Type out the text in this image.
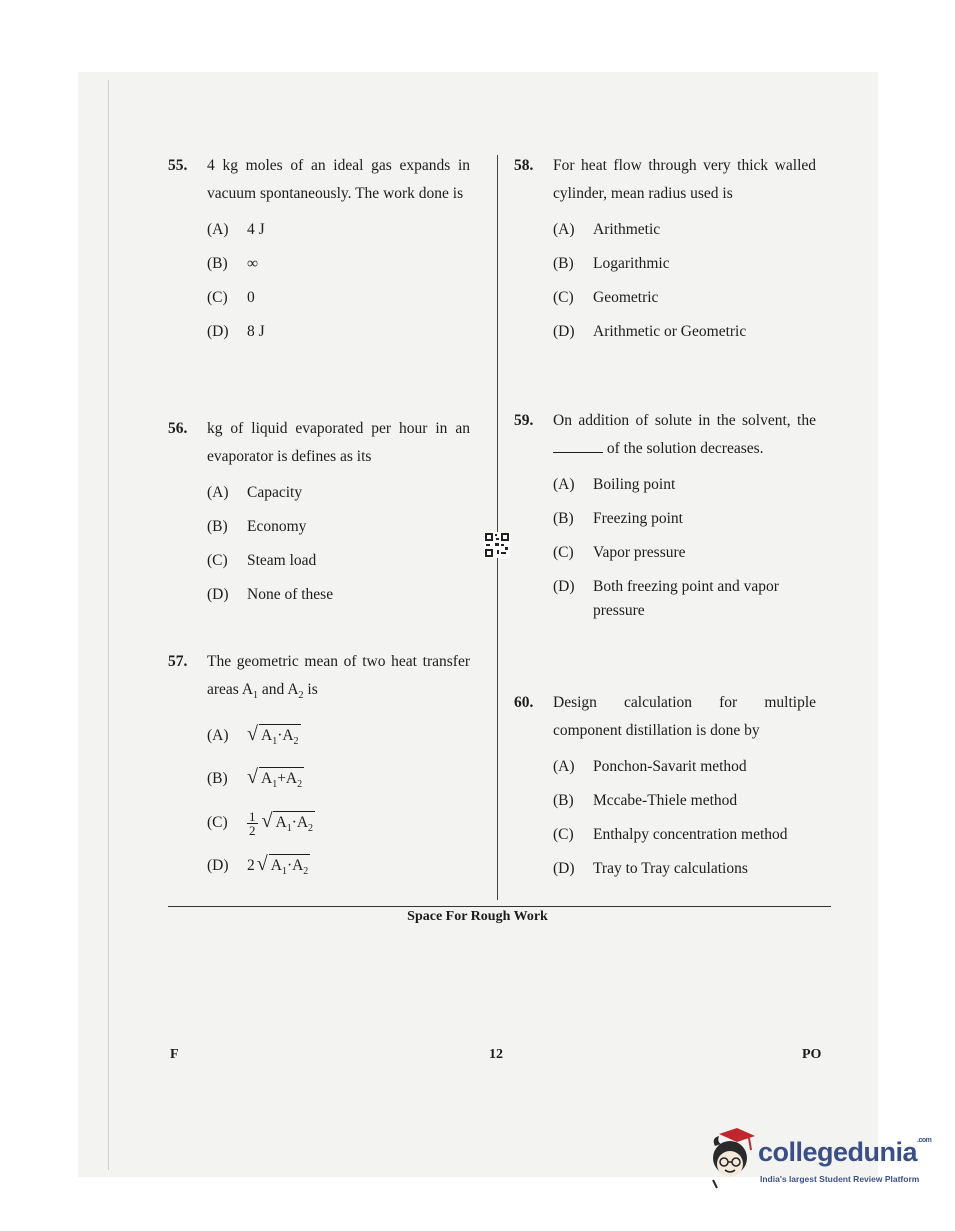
55. 4 kg moles of an ideal gas expands in vacuum spontaneously. The work done is
(A) 4 J
(B) ∞
(C) 0
(D) 8 J
56. kg of liquid evaporated per hour in an evaporator is defines as its
(A) Capacity
(B) Economy
(C) Steam load
(D) None of these
57. The geometric mean of two heat transfer areas $A_1$ and $A_2$ is
(A) √ $A_1\cdot A_2$
(B) √ $A_1+A_2$
$(C) \frac{1}{2}$ √ $A_1\cdot A_2$
(D) 2 √ $A_1\cdot A_2$
58. For heat flow through very thick walled cylinder, mean radius used is
(A) Arithmetic
(B) Logarithmic
(C) Geometric
(D) Arithmetic or Geometric
59. On addition of solute in the solvent, the  of the solution decreases.
(A) Boiling point
(B) Freezing point
(C) Vapor pressure
(D)	Both freezing point and vapor pressure
60. Design calculation for multiple component distillation is done by
(A) Ponchon-Savarit method
(B) Mccabe-Thiele method
(C)	Enthalpy concentration method
(D) Tray to Tray calculations
Space For Rough Work
F	12	PO
collegedunia$^{.com}$
India's largest Student Review Platform
